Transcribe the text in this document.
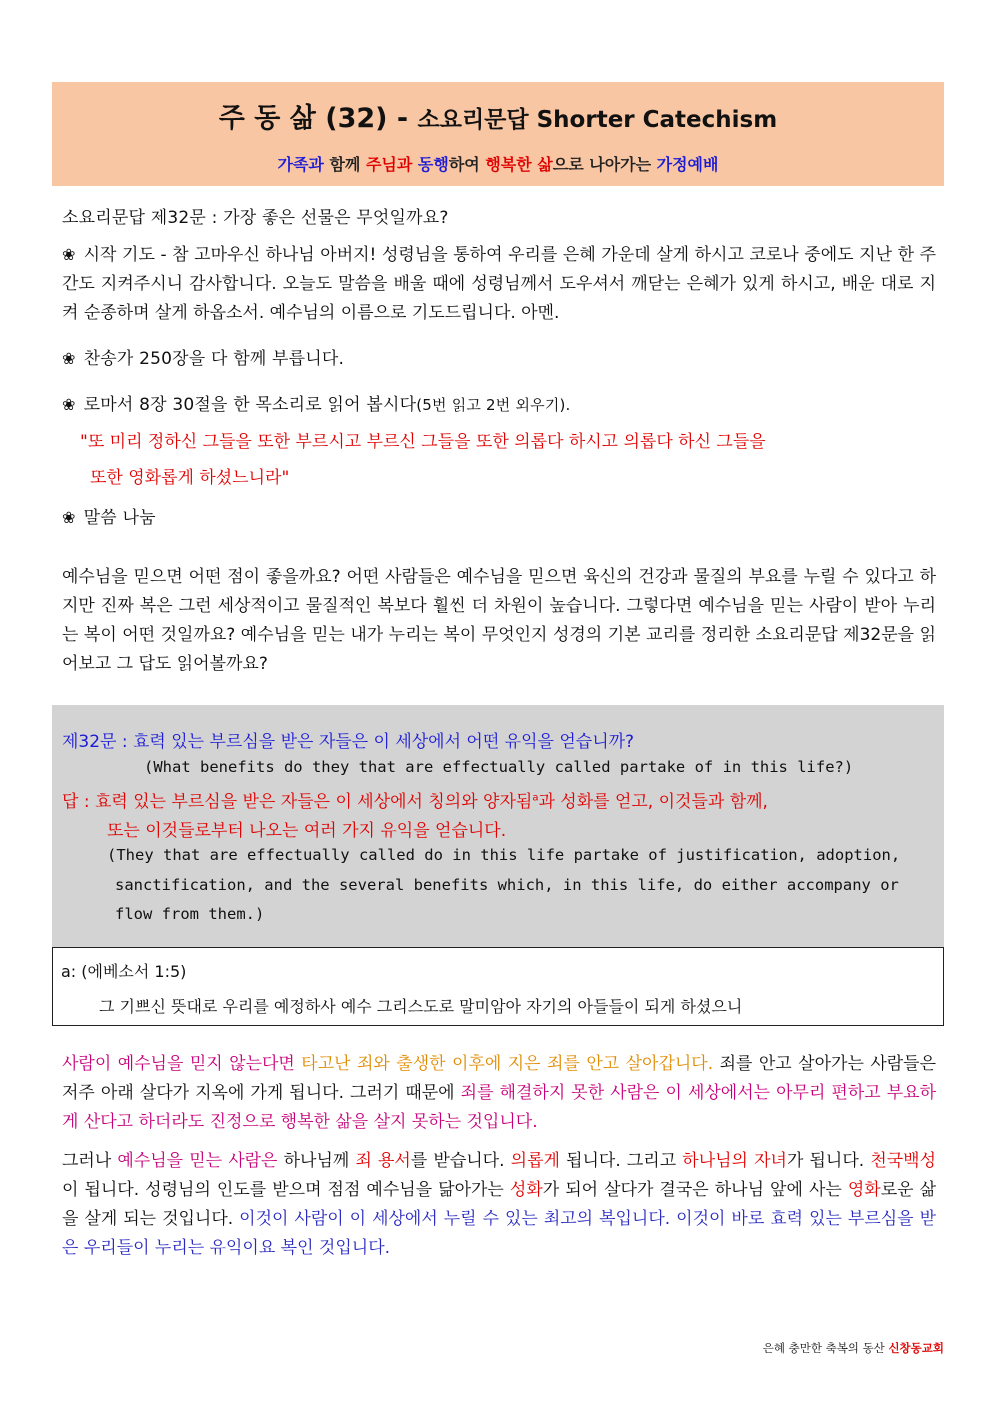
주 동 삶 (32) - 소요리문답 Shorter Catechism
가족과 함께 주님과 동행하여 행복한 삶으로 나아가는 가정예배
소요리문답 제32문 : 가장 좋은 선물은 무엇일까요?
❀ 시작 기도 - 참 고마우신 하나님 아버지! 성령님을 통하여 우리를 은혜 가운데 살게 하시고 코로나 중에도 지난 한 주간도 지켜주시니 감사합니다. 오늘도 말씀을 배울 때에 성령님께서 도우셔서 깨닫는 은혜가 있게 하시고, 배운 대로 지켜 순종하며 살게 하옵소서. 예수님의 이름으로 기도드립니다. 아멘.
❀ 찬송가 250장을 다 함께 부릅니다.
❀ 로마서 8장 30절을 한 목소리로 읽어 봅시다(5번 읽고 2번 외우기).
"또 미리 정하신 그들을 또한 부르시고 부르신 그들을 또한 의롭다 하시고 의롭다 하신 그들을
또한 영화롭게 하셨느니라"
❀ 말씀 나눔
예수님을 믿으면 어떤 점이 좋을까요? 어떤 사람들은 예수님을 믿으면 육신의 건강과 물질의 부요를 누릴 수 있다고 하지만 진짜 복은 그런 세상적이고 물질적인 복보다 훨씬 더 차원이 높습니다. 그렇다면 예수님을 믿는 사람이 받아 누리는 복이 어떤 것일까요? 예수님을 믿는 내가 누리는 복이 무엇인지 성경의 기본 교리를 정리한 소요리문답 제32문을 읽어보고 그 답도 읽어볼까요?
제32문 : 효력 있는 부르심을 받은 자들은 이 세상에서 어떤 유익을 얻습니까?
(What benefits do they that are effectually called partake of in this life?)
답 : 효력 있는 부르심을 받은 자들은 이 세상에서 칭의와 양자됨$^a$과 성화를 얻고, 이것들과 함께,
또는 이것들로부터 나오는 여러 가지 유익을 얻습니다.
(They that are effectually called do in this life partake of justification, adoption,
sanctification, and the several benefits which, in this life, do either accompany or
flow from them.)
a: (에베소서 1:5)
그 기쁘신 뜻대로 우리를 예정하사 예수 그리스도로 말미암아 자기의 아들들이 되게 하셨으니
사람이 예수님을 믿지 않는다면 타고난 죄와 출생한 이후에 지은 죄를 안고 살아갑니다. 죄를 안고 살아가는 사람들은 저주 아래 살다가 지옥에 가게 됩니다. 그러기 때문에 죄를 해결하지 못한 사람은 이 세상에서는 아무리 편하고 부요하게 산다고 하더라도 진정으로 행복한 삶을 살지 못하는 것입니다.
그러나 예수님을 믿는 사람은 하나님께 죄 용서를 받습니다. 의롭게 됩니다. 그리고 하나님의 자녀가 됩니다. 천국백성이 됩니다. 성령님의 인도를 받으며 점점 예수님을 닮아가는 성화가 되어 살다가 결국은 하나님 앞에 사는 영화로운 삶을 살게 되는 것입니다. 이것이 사람이 이 세상에서 누릴 수 있는 최고의 복입니다. 이것이 바로 효력 있는 부르심을 받은 우리들이 누리는 유익이요 복인 것입니다.
은혜 충만한 축복의 동산 신창동교회
